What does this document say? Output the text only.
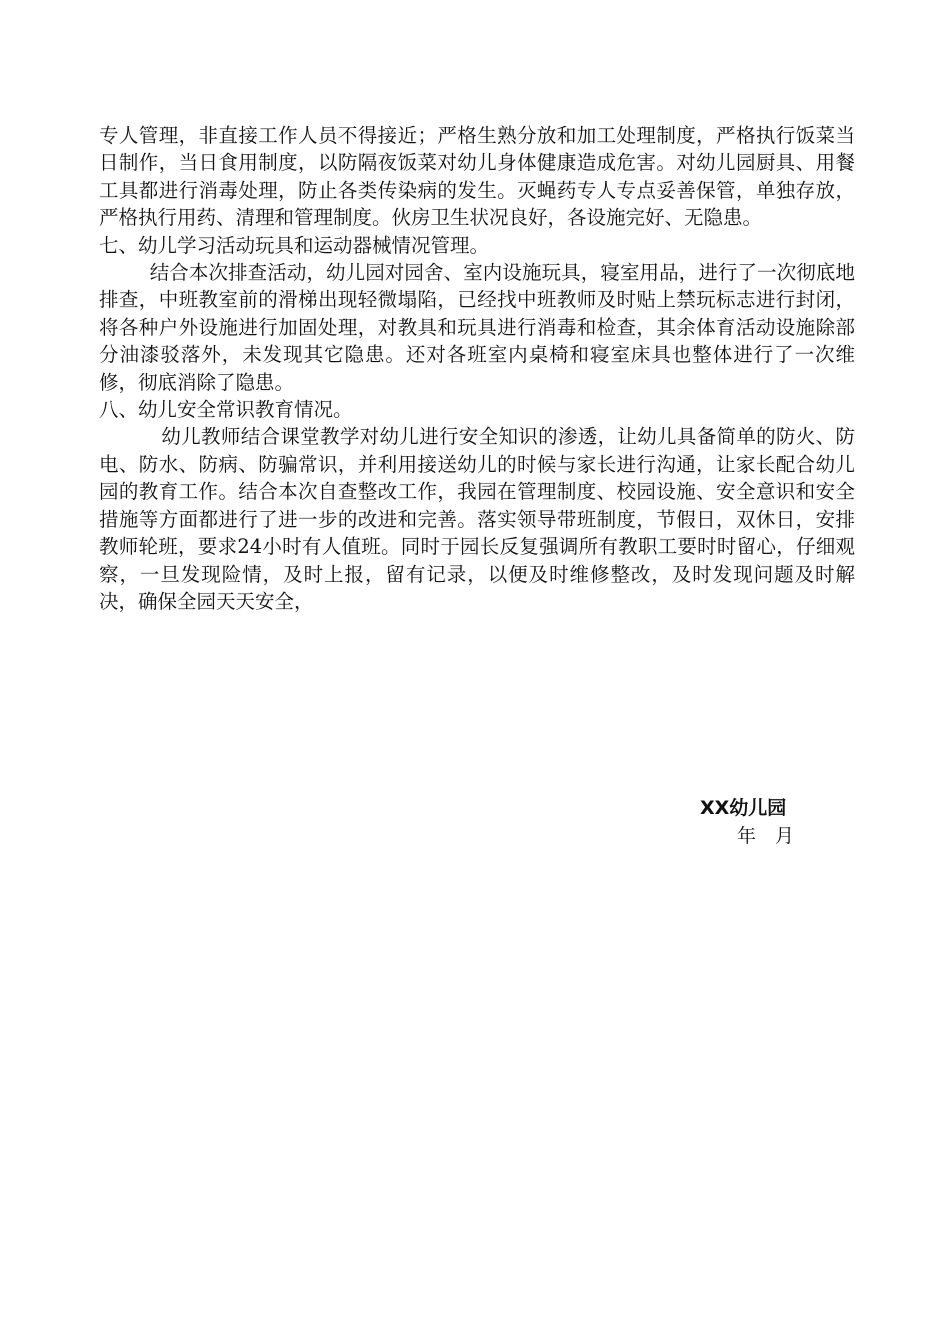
专人管理，非直接工作人员不得接近；严格生熟分放和加工处理制度，严格执行饭菜当日制作，当日食用制度，以防隔夜饭菜对幼儿身体健康造成危害。对幼儿园厨具、用餐工具都进行消毒处理，防止各类传染病的发生。灭蝇药专人专点妥善保管，单独存放，严格执行用药、清理和管理制度。伙房卫生状况良好，各设施完好、无隐患。

七、幼儿学习活动玩具和运动器械情况管理。

结合本次排查活动，幼儿园对园舍、室内设施玩具，寝室用品，进行了一次彻底地排查，中班教室前的滑梯出现轻微塌陷，已经找中班教师及时贴上禁玩标志进行封闭，将各种户外设施进行加固处理，对教具和玩具进行消毒和检查，其余体育活动设施除部分油漆驳落外，未发现其它隐患。还对各班室内桌椅和寝室床具也整体进行了一次维修，彻底消除了隐患。

八、幼儿安全常识教育情况。

幼儿教师结合课堂教学对幼儿进行安全知识的渗透，让幼儿具备简单的防火、防电、防水、防病、防骗常识，并利用接送幼儿的时候与家长进行沟通，让家长配合幼儿园的教育工作。结合本次自查整改工作，我园在管理制度、校园设施、安全意识和安全措施等方面都进行了进一步的改进和完善。落实领导带班制度，节假日，双休日，安排教师轮班，要求24小时有人值班。同时于园长反复强调所有教职工要时时留心，仔细观察，一旦发现险情，及时上报，留有记录，以便及时维修整改，及时发现问题及时解决，确保全园天天安全，

XX幼儿园
年　月
